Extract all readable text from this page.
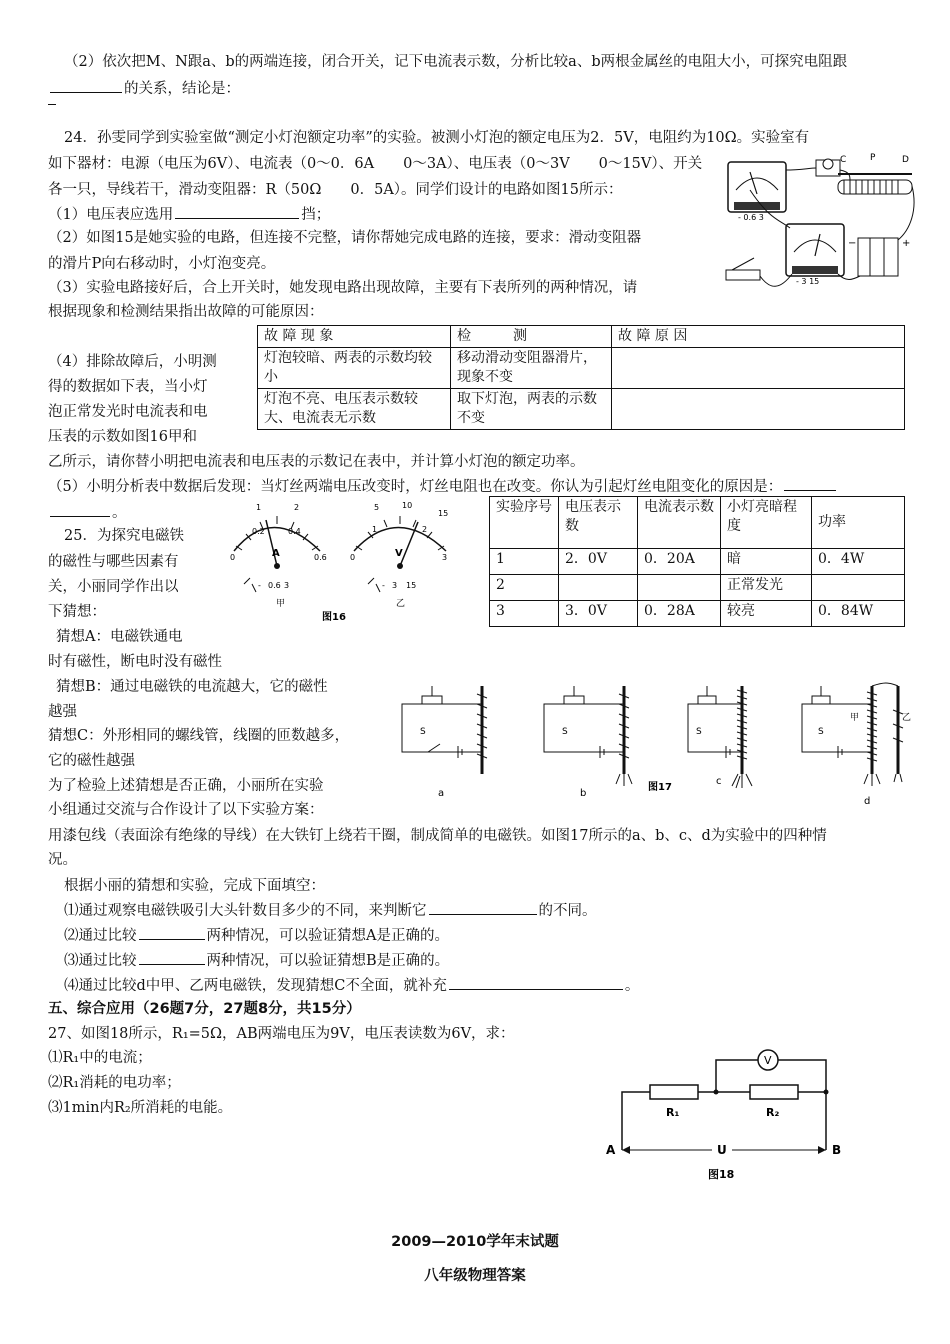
（2）依次把M、N跟a、b的两端连接，闭合开关，记下电流表示数，分析比较a、b两根金属丝的电阻大小，可探究电阻跟
的关系，结论是：
24．孙雯同学到实验室做“测定小灯泡额定功率”的实验。被测小灯泡的额定电压为2．5V，电阻约为10Ω。实验室有
如下器材：电源（电压为6V）、电流表（0～0．6A　　0～3A）、电压表（0～3V　　0～15V）、开关
各一只，导线若干，滑动变阻器：R（50Ω　　0．5A）。同学们设计的电路如图15所示：
（1）电压表应选用	挡；
（2）如图15是她实验的电路，但连接不完整，请你帮她完成电路的连接，要求：滑动变阻器
的滑片P向右移动时，小灯泡变亮。
（3）实验电路接好后，合上开关时，她发现电路出现故障，主要有下表所列的两种情况，请
根据现象和检测结果指出故障的可能原因：
C	P	D
+
−
- 0.6 3
- 3 15
故 障 现 象	检　　　测	故 障 原 因
灯泡较暗、两表的示数均较小	移动滑动变阻器滑片，现象不变	
灯泡不亮、电压表示数较大、电流表无示数	取下灯泡，两表的示数不变	
（4）排除故障后，小明测
得的数据如下表，当小灯
泡正常发光时电流表和电
压表的示数如图16甲和
乙所示，请你替小明把电流表和电压表的示数记在表中，并计算小灯泡的额定功率。
（5）小明分析表中数据后发现：当灯丝两端电压改变时，灯丝电阻也在改变。你认为引起灯丝电阻变化的原因是：
。	实验序号	电压表示数	电流表示数	小灯亮暗程度	功率
1	2．0V	0．20A	暗	0．4W
2			正常发光	
3	3．0V	0．28A	较亮	0．84W
A
0
0.2	0.4
0.6
1	2
- 0.6 3
甲
V
0
1	2
3
5	10
15
- 3 15
乙
图16
25．为探究电磁铁
的磁性与哪些因素有
关，小丽同学作出以
下猜想：
猜想A：电磁铁通电
时有磁性，断电时没有磁性
猜想B：通过电磁铁的电流越大，它的磁性
越强
猜想C：外形相同的螺线管，线圈的匝数越多，
它的磁性越强
为了检验上述猜想是否正确，小丽所在实验
小组通过交流与合作设计了以下实验方案：
用漆包线（表面涂有绝缘的导线）在大铁钉上绕若干圈，制成简单的电磁铁。如图17所示的a、b、c、d为实验中的四种情
况。
S
a
S
b
S
c
图17
S
甲	乙
d
根据小丽的猜想和实验，完成下面填空：
⑴通过观察电磁铁吸引大头针数目多少的不同，来判断它	的不同。
⑵通过比较	两种情况，可以验证猜想A是正确的。
⑶通过比较	两种情况，可以验证猜想B是正确的。
⑷通过比较d中甲、乙两电磁铁，发现猜想C不全面，就补充	。
五、综合应用（26题7分，27题8分，共15分）
27、如图18所示，R₁=5Ω，AB两端电压为9V，电压表读数为6V，求：
⑴R₁中的电流；
⑵R₁消耗的电功率；
⑶1min内R₂所消耗的电能。
V
R₁	R₂
A	U	B
图18
2009—2010学年末试题
八年级物理答案
